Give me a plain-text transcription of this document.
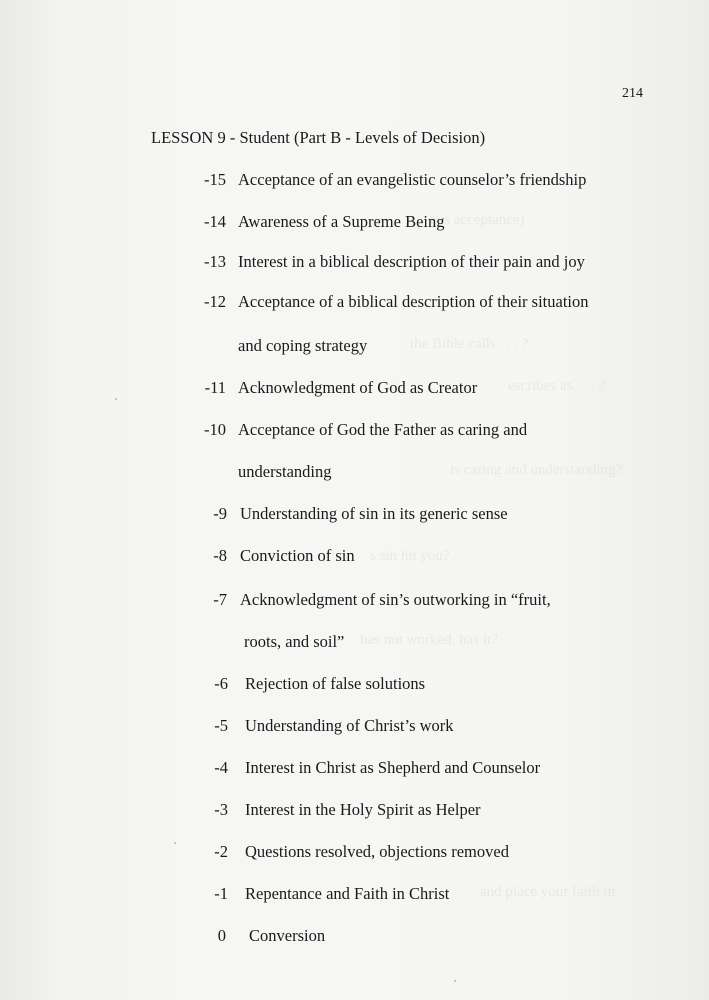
nes acceptance)
the Bible calls . . . ?
escribes as . . . ?
is caring and understanding?
s sin hit you?
has not worked, has it?
and place your faith in
214
LESSON 9 - Student (Part B - Levels of Decision)
-15 Acceptance of an evangelistic counselor’s friendship
-14 Awareness of a Supreme Being
-13 Interest in a biblical description of their pain and joy
-12 Acceptance of a biblical description of their situation
and coping strategy
-11 Acknowledgment of God as Creator
-10 Acceptance of God the Father as caring and
understanding
-9 Understanding of sin in its generic sense
-8 Conviction of sin
-7 Acknowledgment of sin’s outworking in “fruit,
roots, and soil”
-6 Rejection of false solutions
-5 Understanding of Christ’s work
-4 Interest in Christ as Shepherd and Counselor
-3 Interest in the Holy Spirit as Helper
-2 Questions resolved, objections removed
-1 Repentance and Faith in Christ
0 Conversion
